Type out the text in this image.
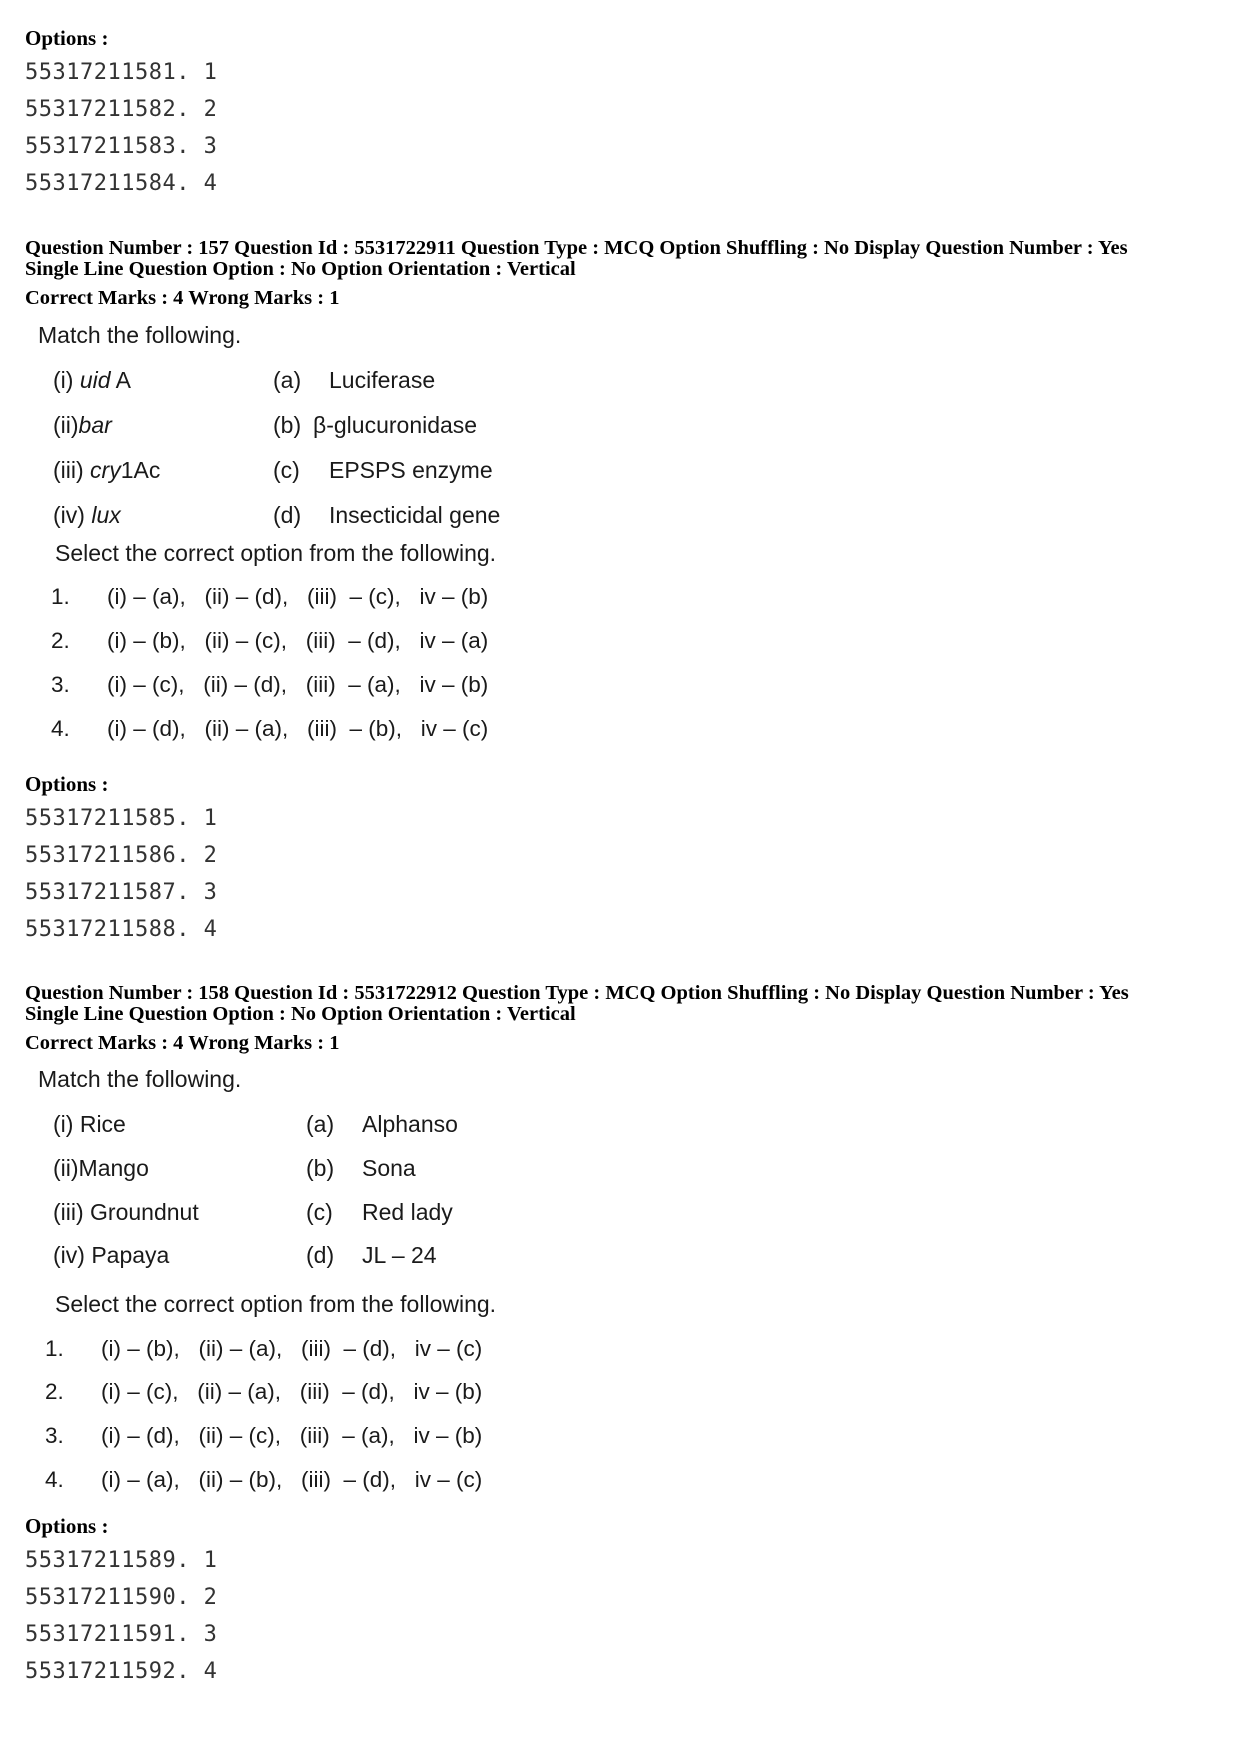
Options :

55317211581. 1
55317211582. 2
55317211583. 3
55317211584. 4

Question Number : 157 Question Id : 5531722911 Question Type : MCQ Option Shuffling : No Display Question Number : Yes

Single Line Question Option : No Option Orientation : Vertical

Correct Marks : 4 Wrong Marks : 1

Match the following.
(i) uid A
(ii)bar
(iii) cry1Ac
(iv) lux
(a) Luciferase
(b) β-glucuronidase
(c) EPSPS enzyme
(d) Insecticidal gene
Select the correct option from the following.
1. (i) – (a),   (ii) – (d),   (iii)  – (c),   iv – (b)
2. (i) – (b),   (ii) – (c),   (iii)  – (d),   iv – (a)
3. (i) – (c),   (ii) – (d),   (iii)  – (a),   iv – (b)
4. (i) – (d),   (ii) – (a),   (iii)  – (b),   iv – (c)

Options :

55317211585. 1
55317211586. 2
55317211587. 3
55317211588. 4

Question Number : 158 Question Id : 5531722912 Question Type : MCQ Option Shuffling : No Display Question Number : Yes

Single Line Question Option : No Option Orientation : Vertical

Correct Marks : 4 Wrong Marks : 1

Match the following.
(i) Rice
(ii)Mango
(iii) Groundnut
(iv) Papaya
(a) Alphanso
(b) Sona
(c) Red lady
(d) JL – 24
Select the correct option from the following.
1. (i) – (b),   (ii) – (a),   (iii)  – (d),   iv – (c)
2. (i) – (c),   (ii) – (a),   (iii)  – (d),   iv – (b)
3. (i) – (d),   (ii) – (c),   (iii)  – (a),   iv – (b)
4. (i) – (a),   (ii) – (b),   (iii)  – (d),   iv – (c)

Options :

55317211589. 1
55317211590. 2
55317211591. 3
55317211592. 4
